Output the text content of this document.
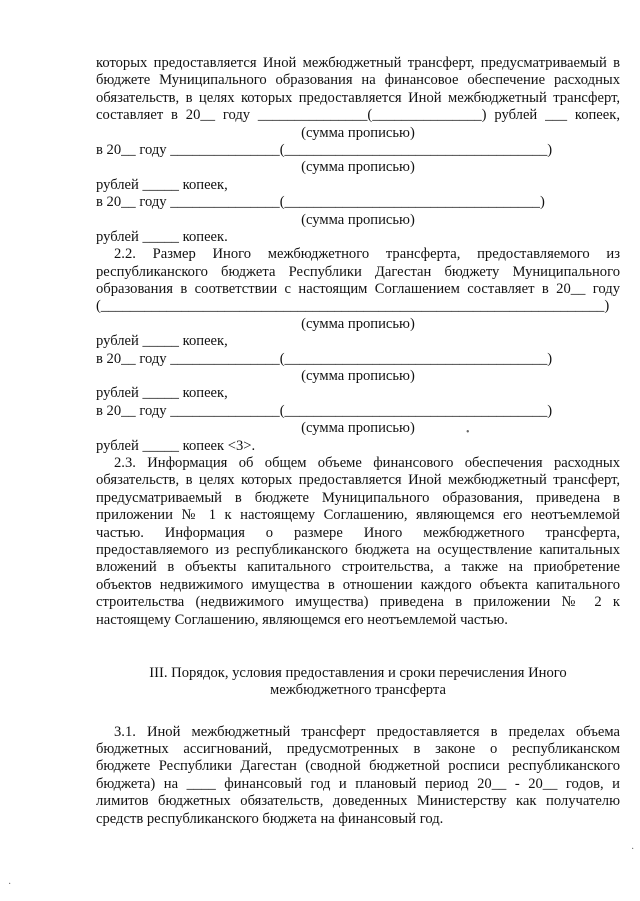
которых предоставляется Иной межбюджетный трансферт, предусматриваемый в
бюджете Муниципального образования на финансовое обеспечение расходных
обязательств, в целях которых предоставляется Иной межбюджетный трансферт,
составляет в 20__ году _______________(_______________) рублей ___ копеек,
(сумма прописью)
в 20__ году _______________(____________________________________)
(сумма прописью)
рублей _____ копеек,
в 20__ году _______________(___________________________________)
(сумма прописью)
рублей _____ копеек.
2.2. Размер Иного межбюджетного трансферта, предоставляемого из
республиканского бюджета Республики Дагестан бюджету Муниципального
образования в соответствии с настоящим Соглашением составляет в 20__ году
(_____________________________________________________________________)
(сумма прописью)
рублей _____ копеек,
в 20__ году _______________(____________________________________)
(сумма прописью)
рублей _____ копеек,
в 20__ году _______________(____________________________________)
(сумма прописью)
рублей _____ копеек <3>.
2.3. Информация об общем объеме финансового обеспечения расходных
обязательств, в целях которых предоставляется Иной межбюджетный трансферт,
предусматриваемый в бюджете Муниципального образования, приведена в
приложении № 1 к настоящему Соглашению, являющемся его неотъемлемой
частью. Информация о размере Иного межбюджетного трансферта,
предоставляемого из республиканского бюджета на осуществление капитальных
вложений в объекты капитального строительства, а также на приобретение
объектов недвижимого имущества в отношении каждого объекта капитального
строительства (недвижимого имущества) приведена в приложении № 2 к
настоящему Соглашению, являющемся его неотъемлемой частью.
III. Порядок, условия предоставления и сроки перечисления Иного
межбюджетного трансферта
3.1. Иной межбюджетный трансферт предоставляется в пределах объема
бюджетных ассигнований, предусмотренных в законе о республиканском
бюджете Республики Дагестан (сводной бюджетной росписи республиканского
бюджета) на ____ финансовый год и плановый период 20__ - 20__ годов, и
лимитов бюджетных обязательств, доведенных Министерству как получателю
средств республиканского бюджета на финансовый год.
•
·
·
